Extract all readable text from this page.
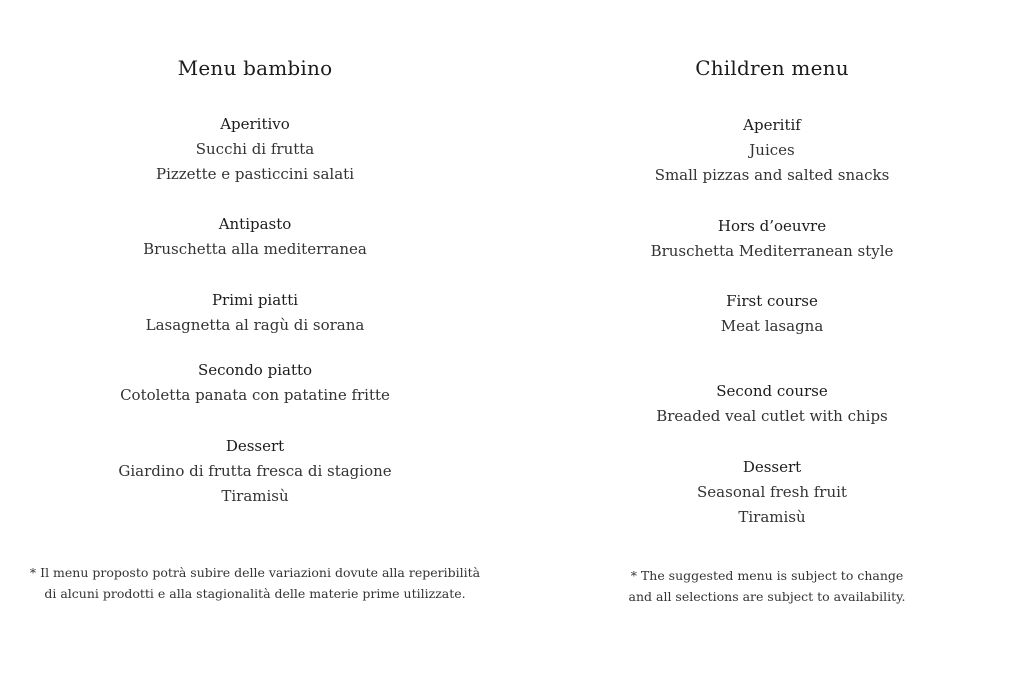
Menu bambino
Aperitivo
Succhi di frutta
Pizzette e pasticcini salati
Antipasto
Bruschetta alla mediterranea
Primi piatti
Lasagnetta al ragù di sorana
Secondo piatto
Cotoletta panata con patatine fritte
Dessert
Giardino di frutta fresca di stagione
Tiramisù
* Il menu proposto potrà subire delle variazioni dovute alla reperibilità
di alcuni prodotti e alla stagionalità delle materie prime utilizzate.
Children menu
Aperitif
Juices
Small pizzas and salted snacks
Hors d’oeuvre
Bruschetta Mediterranean style
First course
Meat lasagna
Second course
Breaded veal cutlet with chips
Dessert
Seasonal fresh fruit
Tiramisù
* The suggested menu is subject to change
and all selections are subject to availability.
